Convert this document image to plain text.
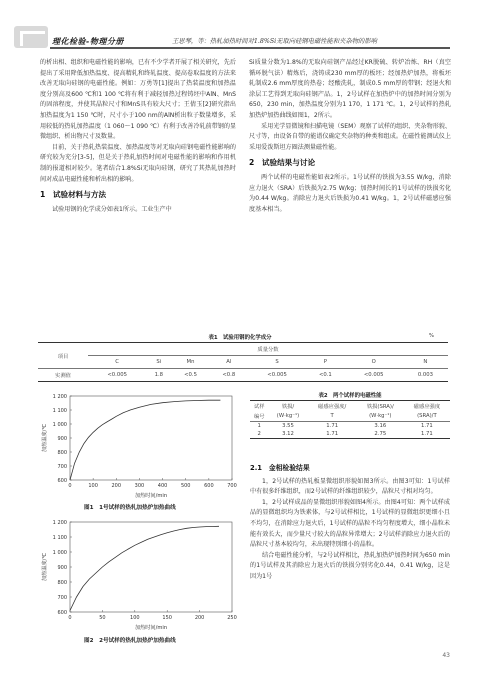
理化检验-物理分册	王思琴，等：热轧加热时间对1.8%Si无取向硅钢电磁性能和夹杂物的影响

的析出相、组织和电磁性能的影响，已有不少学者开展了相关研究，先后提出了采用降低加热温度、提高精轧和终轧温度、提高卷取温度的方法来改善无取向硅钢的电磁性能。例如：万勇等[1]提出了热装温度和加热温度分别高及600 ℃和1 100 ℃将有利于减轻加热过程铸坯中AlN、MnS的固溶程度，并使其晶粒尺寸和MnS具有较大尺寸；王倩玉[2]研究指出加热温度为1 150 ℃时，尺寸小于100 nm的AlN析出粒子数量增多，采用较低的热轧加热温度（1 060～1 090 ℃）有利于改善冷轧前带钢的显微组织、析出物尺寸及数量。

目前，关于热轧热装温度、加热温度等对无取向硅钢电磁性能影响的研究较为充分[3-5]，但是关于热轧加热时间对电磁性能的影响和作用机制的报道相对较少。笔者结合1.8%Si无取向硅钢，研究了其热轧加热时间对成品电磁性能和析出相的影响。

1　试验材料与方法

试验用钢的化学成分如表1所示。工业生产中

Si质量分数为1.8%的无取向硅钢产品经过KR脱硫、转炉冶炼、RH（真空循环脱气法）精炼后，浇铸成230 mm厚的板坯；经加热炉加热，将板坯轧制成2.6 mm厚度的热卷；经酸洗轧，制成0.5 mm厚的带钢；经退火和涂层工艺得到无取向硅钢产品。1，2号试样在加热炉中的加热时间分别为650，230 min，加热温度分别为1 170，1 171 ℃。1，2号试样的热轧加热炉加热曲线如图1，2所示。

采用光学显微镜和扫描电镜（SEM）观察了试样的组织、夹杂物形貌、尺寸等，由设备自带的能谱仪确定夹杂物的种类和组成。在磁性能测试仪上采用爱泼斯坦方圈法测量磁性能。

2　试验结果与讨论

两个试样的电磁性能如表2所示。1号试样的铁损为3.55 W/kg，消除应力退火（SRA）后铁损为2.75 W/kg；加热时间长的1号试样的铁损劣化为0.44 W/kg。消除应力退火后铁损为0.41 W/kg。1，2号试样磁感应强度基本相当。

表1　试验用钢的化学成分	%
项目	质量分数							
	C	Si	Mn	Al	S	P	O	N
实测值	<0.005	1.8	<0.5	<0.8	<0.005	<0.1	<0.005	0.003
0	100	200	300	400	500	600	700
600
700
800
900
1 000
1 100
1 200
加热时间/min
加热温度/℃
图1　1号试样的热轧加热炉加热曲线
0	50	100	150	200	250
600
700
800
900
1 000
1 100
1 200
加热时间/min
加热温度/℃
图2　2号试样的热轧加热炉加热曲线
表2　两个试样的电磁性能
试样	铁损/	磁感应强度/	铁损(SRA)/	磁感应强度
编号	(W·kg⁻¹)	T	(W·kg⁻¹)	(SRA)/T
1	3.55	1.71	3.16	1.71
2	3.12	1.71	2.75	1.71
2.1　金相检验结果

1，2号试样的热轧板显微组织形貌如图3所示。由图3可知：1号试样中有很多纤维组织，而2号试样的纤维组织较少，晶粒尺寸相对均匀。

1，2号试样成品的显微组织形貌如图4所示。由图4可知：两个试样成品的显微组织均为铁素体，与2号试样相比，1号试样的显微组织更细小且不均匀，在消除应力退火后，1号试样的晶粒不均匀程度增大，细小晶粒未能有效长大，而少量尺寸较大的晶粒异常增大；2号试样消除应力退火后的晶粒尺寸基本较均匀，未出现特别细小的晶粒。

结合电磁性能分析，与2号试样相比，热轧加热炉加热时间为650 min的1号试样及其消除应力退火后的铁损分别劣化0.44，0.41 W/kg，这是因为1号

43
